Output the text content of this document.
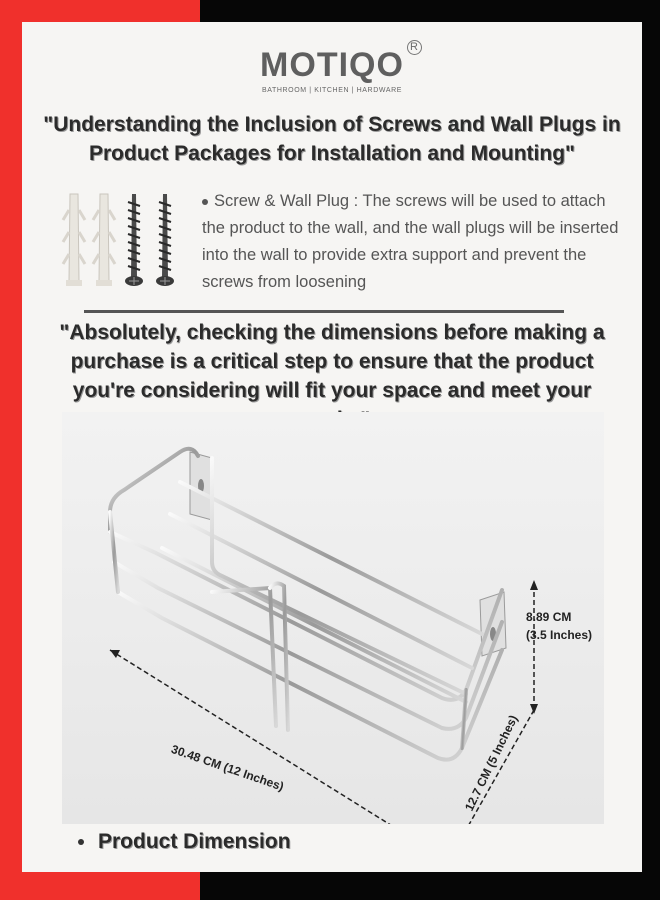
MOTIQO R
BATHROOM | KITCHEN | HARDWARE
"Understanding the Inclusion of Screws and Wall Plugs in Product Packages for Installation and Mounting"
Screw & Wall Plug : The screws will be used to attach the product to the wall, and the wall plugs will be inserted into the wall to provide extra support and prevent the screws from loosening
"Absolutely, checking the dimensions before making a purchase is a critical step to ensure that the product you're considering will fit your space and meet your
8.89 CM
(3.5 Inches)
30.48 CM (12 Inches)	12.7 CM (5 Inches)
Product Dimension
